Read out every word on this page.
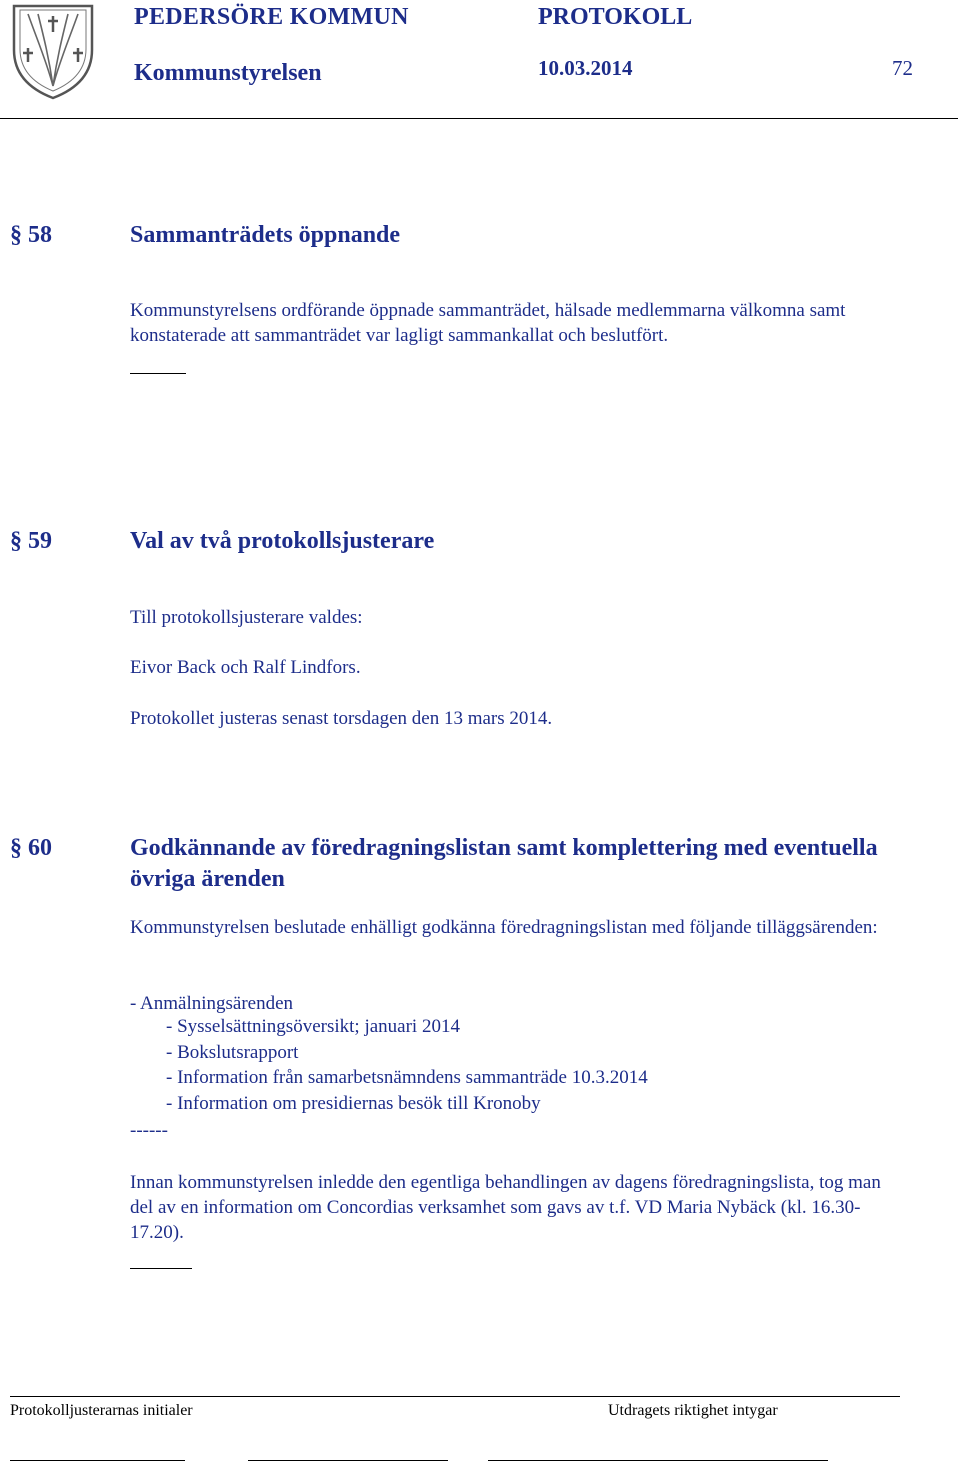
PEDERSÖRE KOMMUN	PROTOKOLL
Kommunstyrelsen	10.03.2014	72
§ 58	Sammanträdets öppnande
Kommunstyrelsens ordförande öppnade sammanträdet, hälsade medlemmarna välkomna samt konstaterade att sammanträdet var lagligt sammankallat och beslutfört.
§ 59	Val av två protokollsjusterare
Till protokollsjusterare valdes:
Eivor Back och Ralf Lindfors.
Protokollet justeras senast torsdagen den 13 mars 2014.
§ 60	Godkännande av föredragningslistan samt komplettering med eventuella övriga ärenden
Kommunstyrelsen beslutade enhälligt godkänna föredragningslistan med följande tilläggsärenden:
- Anmälningsärenden
- Sysselsättningsöversikt; januari 2014
- Bokslutsrapport
- Information från samarbetsnämndens sammanträde 10.3.2014
- Information om presidiernas besök till Kronoby
------
Innan kommunstyrelsen inledde den egentliga behandlingen av dagens föredragningslista, tog man del av en information om Concordias verksamhet som gavs av t.f. VD Maria Nybäck (kl. 16.30-17.20).
Protokolljusterarnas initialer	Utdragets riktighet intygar
